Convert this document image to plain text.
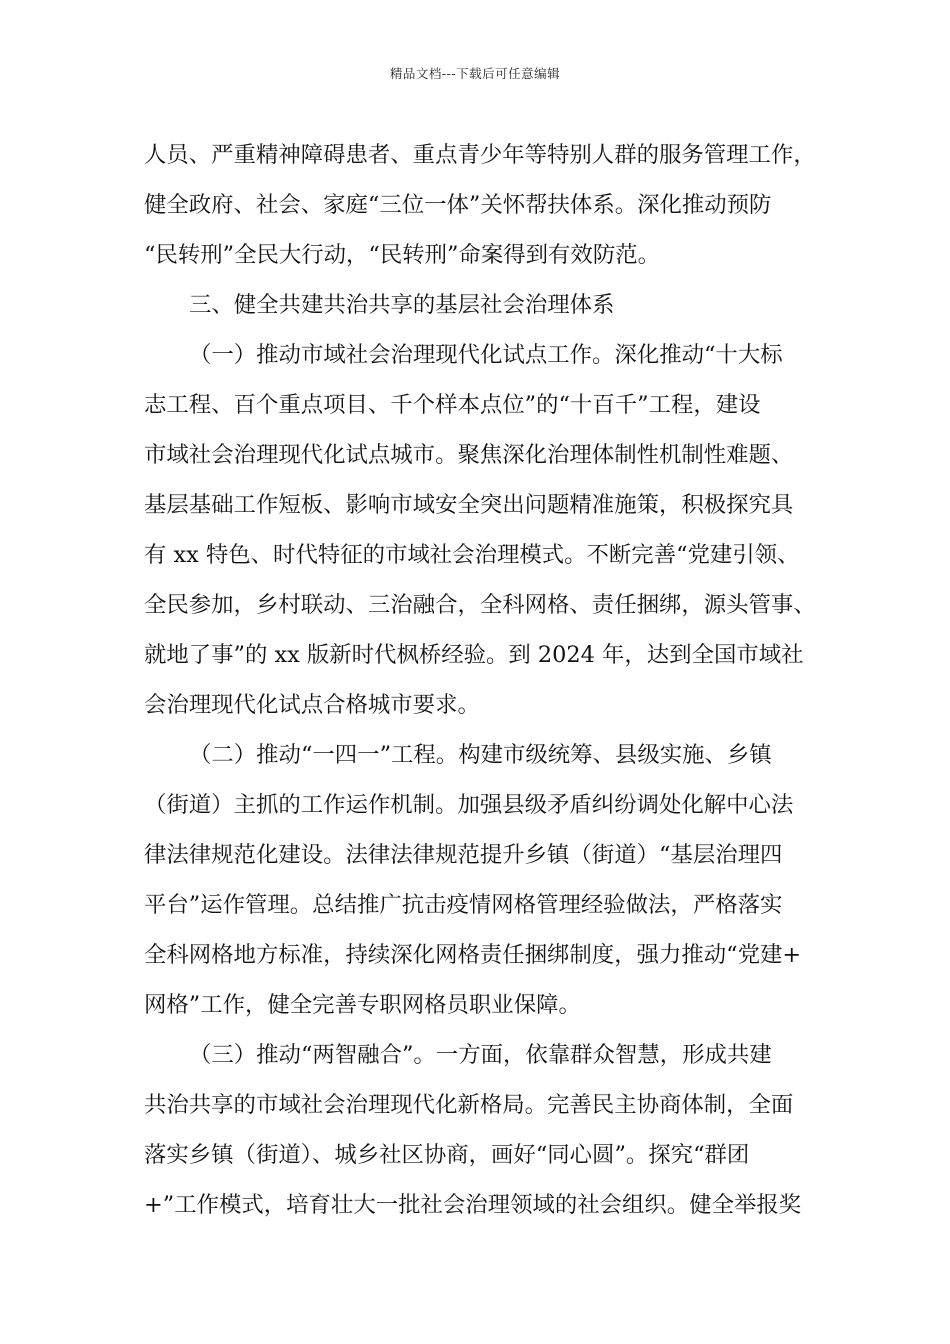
精品文档---下载后可任意编辑
人员、严重精神障碍患者、重点青少年等特别人群的服务管理工作，
健全政府、社会、家庭“三位一体”关怀帮扶体系。深化推动预防
“民转刑”全民大行动，“民转刑”命案得到有效防范。
三、健全共建共治共享的基层社会治理体系
（一）推动市域社会治理现代化试点工作。深化推动“十大标
志工程、百个重点项目、千个样本点位”的“十百千”工程，建设
市域社会治理现代化试点城市。聚焦深化治理体制性机制性难题、
基层基础工作短板、影响市域安全突出问题精准施策，积极探究具
有 xx 特色、时代特征的市域社会治理模式。不断完善“党建引领、
全民参加，乡村联动、三治融合，全科网格、责任捆绑，源头管事、
就地了事”的 xx 版新时代枫桥经验。到 2024 年，达到全国市域社
会治理现代化试点合格城市要求。
（二）推动“一四一”工程。构建市级统筹、县级实施、乡镇
（街道）主抓的工作运作机制。加强县级矛盾纠纷调处化解中心法
律法律规范化建设。法律法律规范提升乡镇（街道）“基层治理四
平台”运作管理。总结推广抗击疫情网格管理经验做法，严格落实
全科网格地方标准，持续深化网格责任捆绑制度，强力推动“党建+
网格”工作，健全完善专职网格员职业保障。
（三）推动“两智融合”。一方面，依靠群众智慧，形成共建
共治共享的市域社会治理现代化新格局。完善民主协商体制，全面
落实乡镇（街道）、城乡社区协商，画好“同心圆”。探究“群团
+”工作模式，培育壮大一批社会治理领域的社会组织。健全举报奖
